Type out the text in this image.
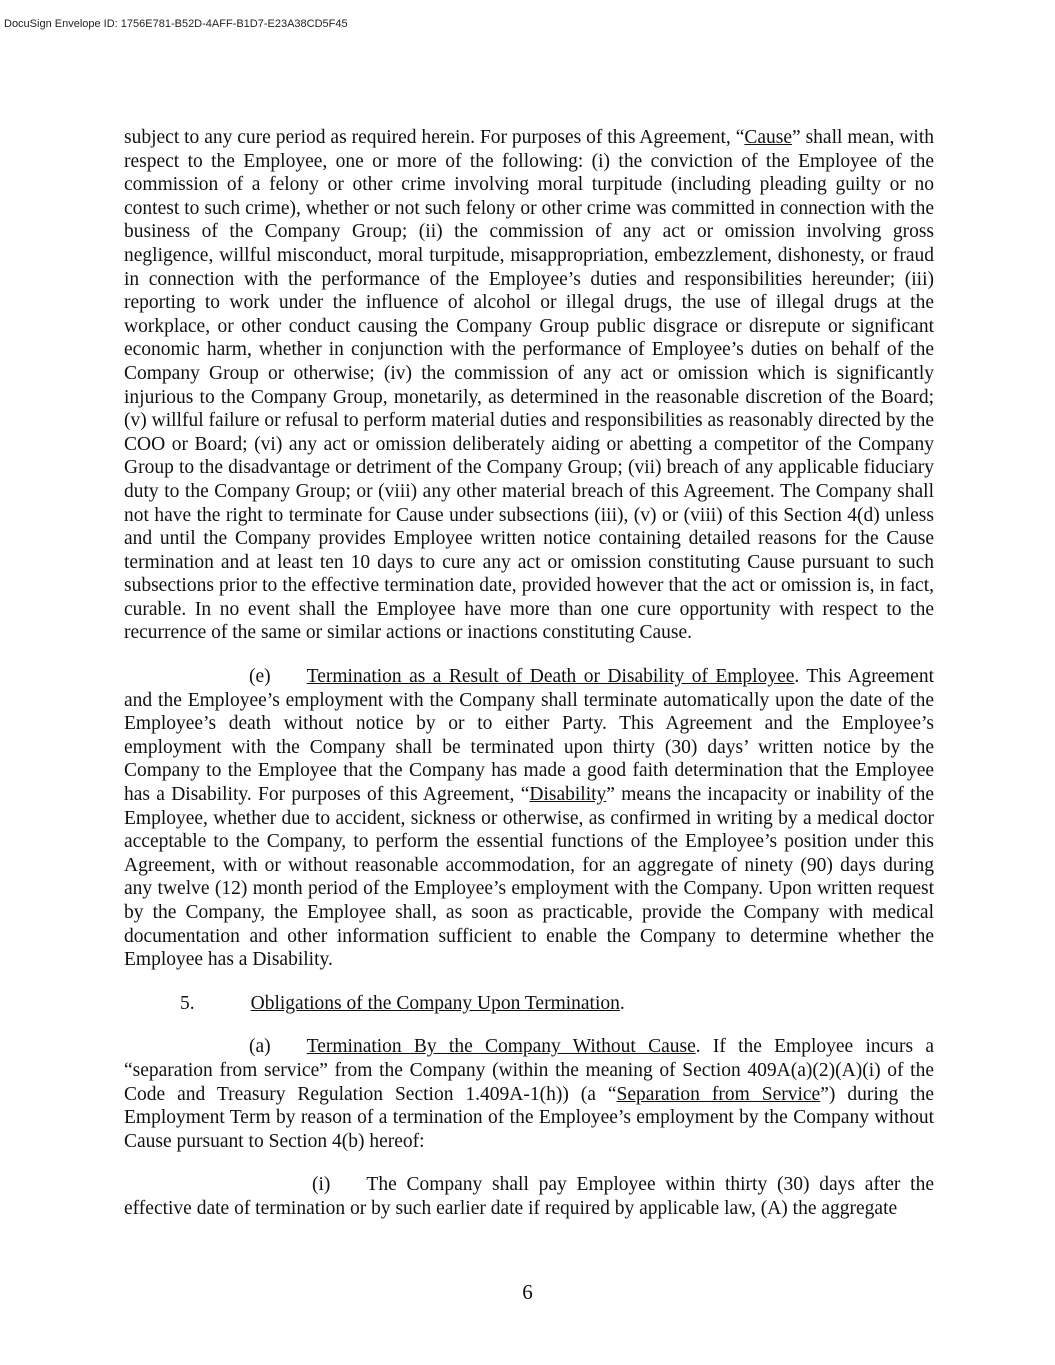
DocuSign Envelope ID: 1756E781-B52D-4AFF-B1D7-E23A38CD5F45

subject to any cure period as required herein. For purposes of this Agreement, “Cause” shall mean, with respect to the Employee, one or more of the following: (i) the conviction of the Employee of the commission of a felony or other crime involving moral turpitude (including pleading guilty or no contest to such crime), whether or not such felony or other crime was committed in connection with the business of the Company Group; (ii) the commission of any act or omission involving gross negligence, willful misconduct, moral turpitude, misappropriation, embezzlement, dishonesty, or fraud in connection with the performance of the Employee’s duties and responsibilities hereunder; (iii) reporting to work under the influence of alcohol or illegal drugs, the use of illegal drugs at the workplace, or other conduct causing the Company Group public disgrace or disrepute or significant economic harm, whether in conjunction with the performance of Employee’s duties on behalf of the Company Group or otherwise; (iv) the commission of any act or omission which is significantly injurious to the Company Group, monetarily, as determined in the reasonable discretion of the Board; (v) willful failure or refusal to perform material duties and responsibilities as reasonably directed by the COO or Board; (vi) any act or omission deliberately aiding or abetting a competitor of the Company Group to the disadvantage or detriment of the Company Group; (vii) breach of any applicable fiduciary duty to the Company Group; or (viii) any other material breach of this Agreement. The Company shall not have the right to terminate for Cause under subsections (iii), (v) or (viii) of this Section 4(d) unless and until the Company provides Employee written notice containing detailed reasons for the Cause termination and at least ten 10 days to cure any act or omission constituting Cause pursuant to such subsections prior to the effective termination date, provided however that the act or omission is, in fact, curable. In no event shall the Employee have more than one cure opportunity with respect to the recurrence of the same or similar actions or inactions constituting Cause.

(e) Termination as a Result of Death or Disability of Employee. This Agreement and the Employee’s employment with the Company shall terminate automatically upon the date of the Employee’s death without notice by or to either Party. This Agreement and the Employee’s employment with the Company shall be terminated upon thirty (30) days’ written notice by the Company to the Employee that the Company has made a good faith determination that the Employee has a Disability. For purposes of this Agreement, “Disability” means the incapacity or inability of the Employee, whether due to accident, sickness or otherwise, as confirmed in writing by a medical doctor acceptable to the Company, to perform the essential functions of the Employee’s position under this Agreement, with or without reasonable accommodation, for an aggregate of ninety (90) days during any twelve (12) month period of the Employee’s employment with the Company. Upon written request by the Company, the Employee shall, as soon as practicable, provide the Company with medical documentation and other information sufficient to enable the Company to determine whether the Employee has a Disability.

5.	Obligations of the Company Upon Termination.

(a) Termination By the Company Without Cause. If the Employee incurs a “separation from service” from the Company (within the meaning of Section 409A(a)(2)(A)(i) of the Code and Treasury Regulation Section 1.409A-1(h)) (a “Separation from Service”) during the Employment Term by reason of a termination of the Employee’s employment by the Company without Cause pursuant to Section 4(b) hereof:

(i) The Company shall pay Employee within thirty (30) days after the effective date of termination or by such earlier date if required by applicable law, (A) the aggregate

6
